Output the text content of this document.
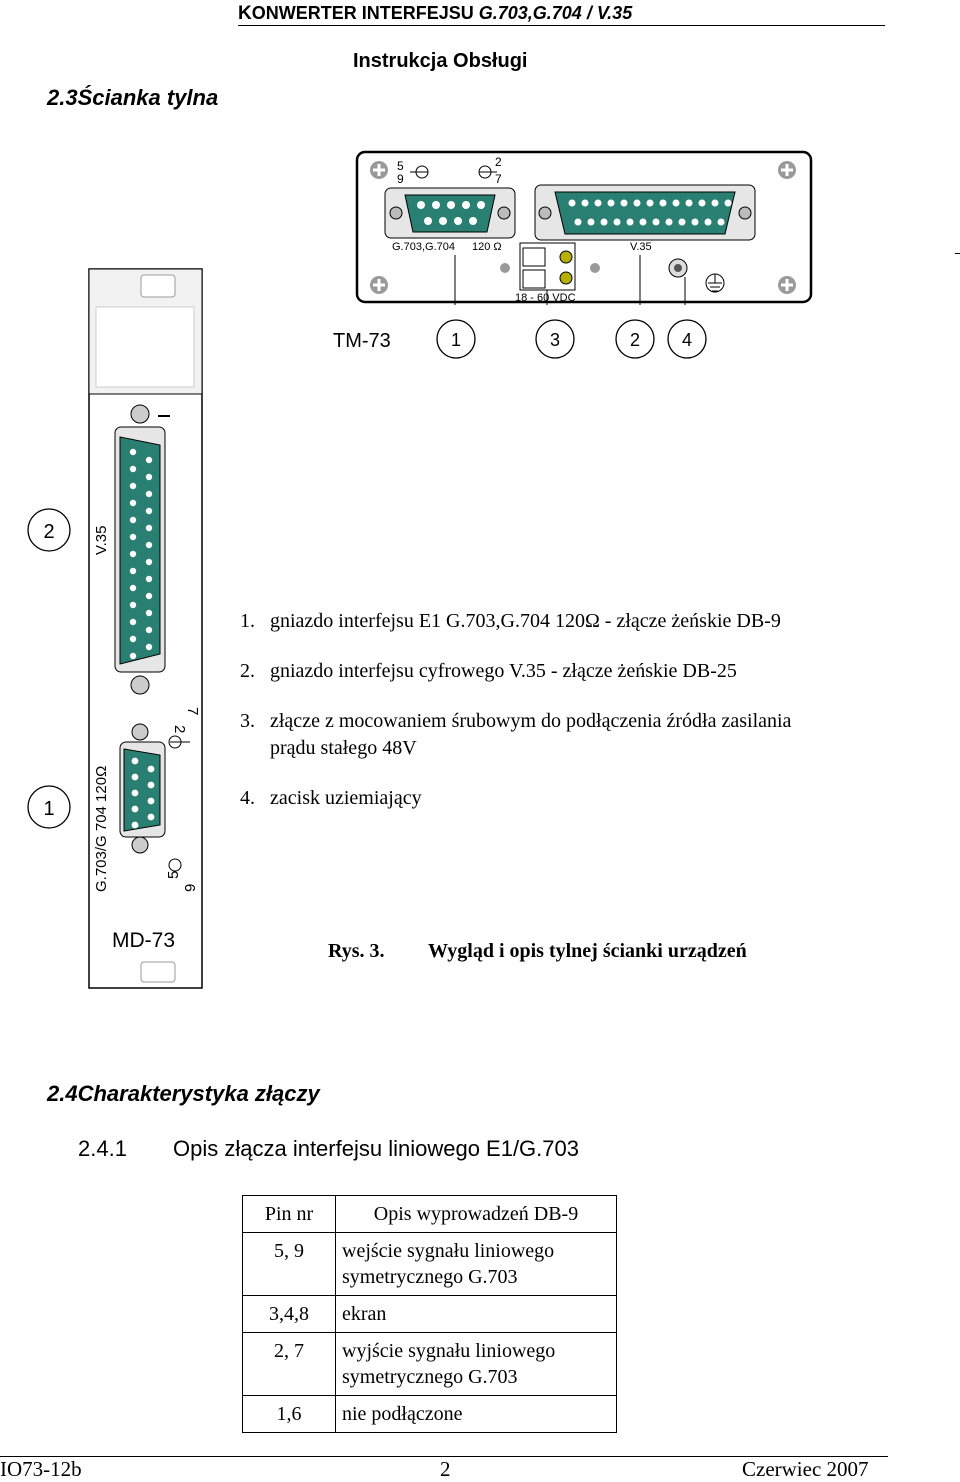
KONWERTER INTERFEJSU G.703,G.704 / V.35
Instrukcja Obsługi
2.3Ścianka tylna
5
9
2
7
G.703,G.704 120 Ω	V.35
18 - 60 VDC
TM-73	1	3	2 4
V.35
G.703/G 704 120Ω
2
7
5
9
MD-73
2
1
1. gniazdo interfejsu E1 G.703,G.704 120Ω - złącze żeńskie DB-9
2. gniazdo interfejsu cyfrowego V.35 - złącze żeńskie DB-25
3. złącze z mocowaniem śrubowym do podłączenia źródła zasilania
prądu stałego 48V
4. zacisk uziemiający
Rys. 3. Wygląd i opis tylnej ścianki urządzeń
2.4Charakterystyka złączy
2.4.1 Opis złącza interfejsu liniowego E1/G.703
Pin nr	Opis wyprowadzeń DB-9
5, 9	wejście sygnału liniowego
symetrycznego G.703

3,4,8	ekran
2, 7	wyjście sygnału liniowego
symetrycznego G.703

1,6	nie podłączone
IO73-12b	2	Czerwiec 2007
